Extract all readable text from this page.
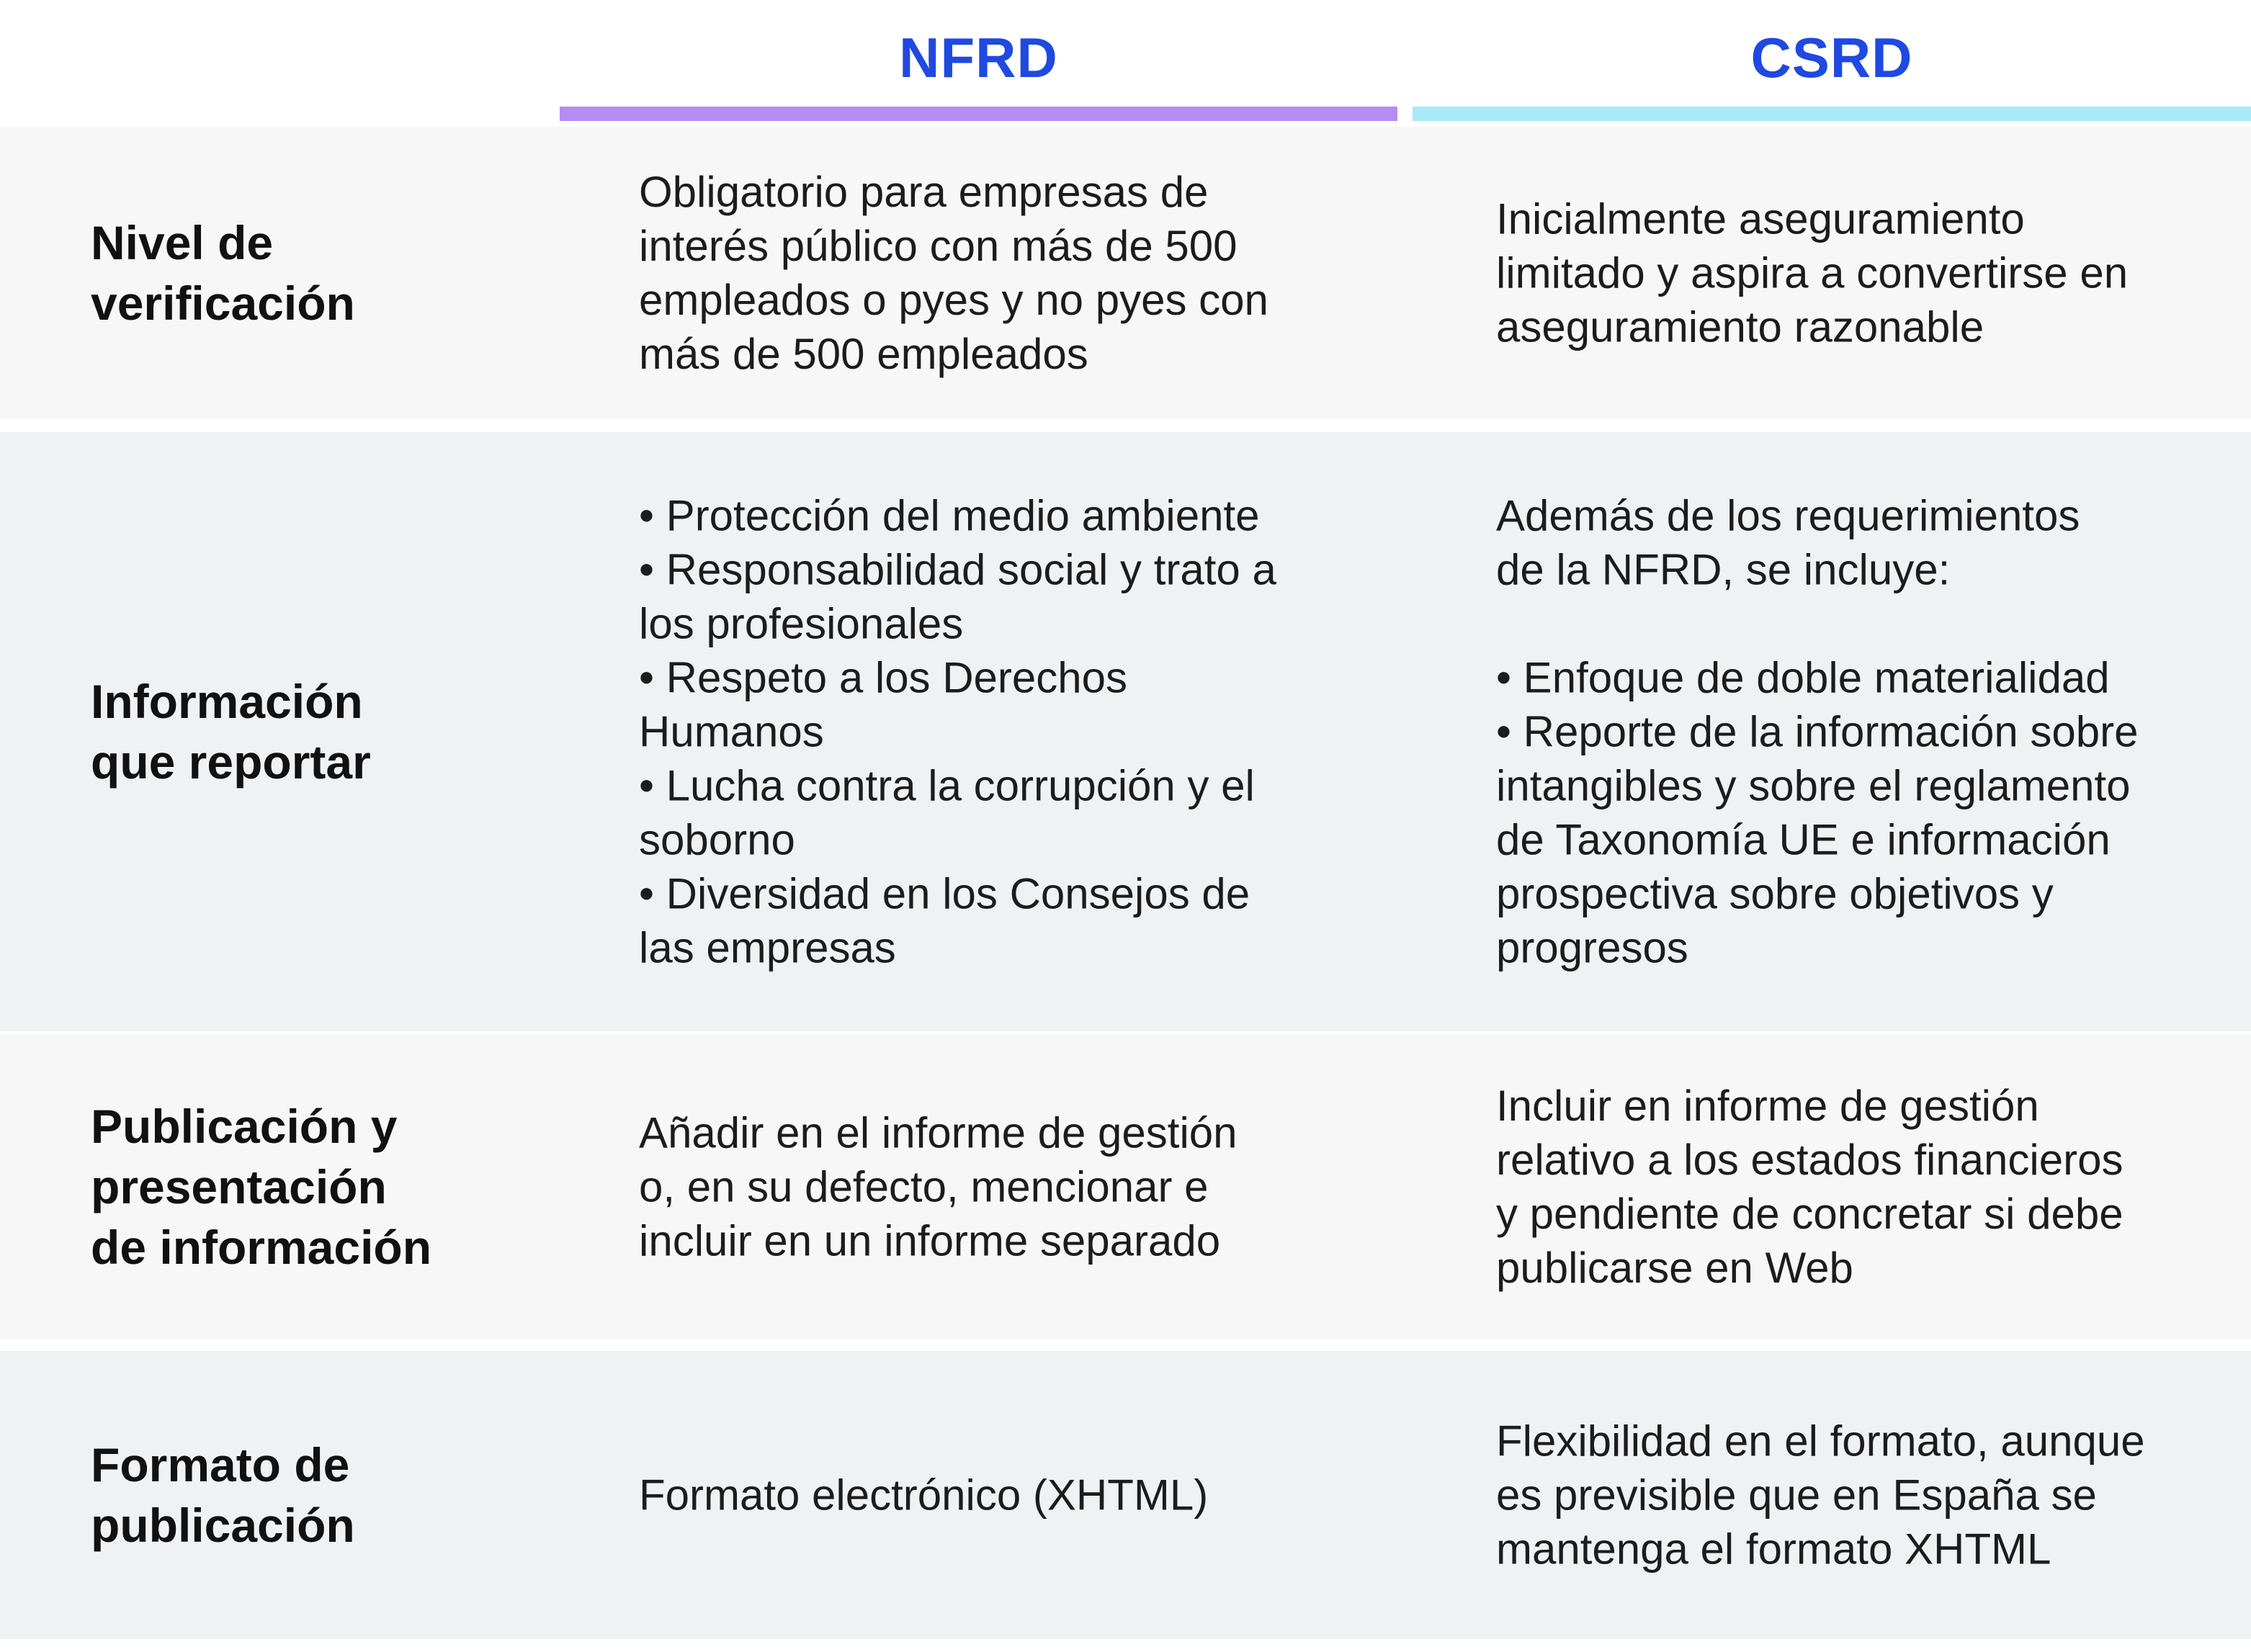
NFRD	CSRD
Nivel de
verificación
Obligatorio para empresas de
interés público con más de 500
empleados o pyes y no pyes con
más de 500 empleados
Inicialmente aseguramiento
limitado y aspira a convertirse en
aseguramiento razonable
Información
que reportar
• Protección del medio ambiente
• Responsabilidad social y trato a
los profesionales
• Respeto a los Derechos
Humanos
• Lucha contra la corrupción y el
soborno
• Diversidad en los Consejos de
las empresas
Además de los requerimientos
de la NFRD, se incluye:
• Enfoque de doble materialidad
• Reporte de la información sobre
intangibles y sobre el reglamento
de Taxonomía UE e información
prospectiva sobre objetivos y
progresos
Publicación y
presentación
de información
Añadir en el informe de gestión
o, en su defecto, mencionar e
incluir en un informe separado
Incluir en informe de gestión
relativo a los estados financieros
y pendiente de concretar si debe
publicarse en Web
Formato de
publicación
Formato electrónico (XHTML)
Flexibilidad en el formato, aunque
es previsible que en España se
mantenga el formato XHTML
